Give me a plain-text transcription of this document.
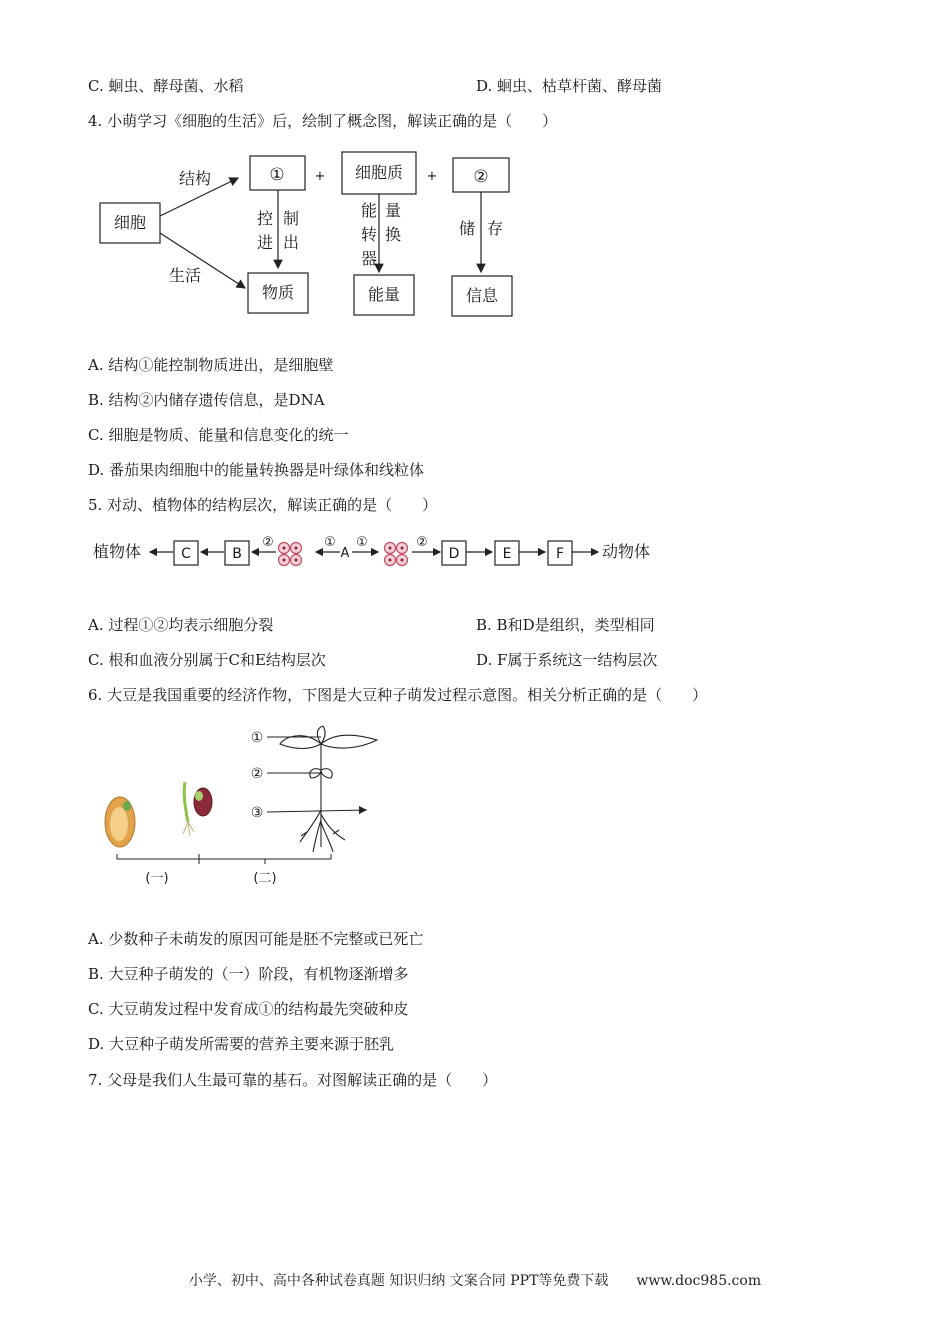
C. 蛔虫、酵母菌、水稻	D. 蛔虫、枯草杆菌、酵母菌
4. 小萌学习《细胞的生活》后，绘制了概念图，解读正确的是（　　）
细胞
结构
生活
① + 细胞质 + ②
控 制
进 出
能 量
转 换
器
储 存
物质	能量	信息
A. 结构①能控制物质进出，是细胞壁
B. 结构②内储存遗传信息，是DNA
C. 细胞是物质、能量和信息变化的统一
D. 番茄果肉细胞中的能量转换器是叶绿体和线粒体
5. 对动、植物体的结构层次，解读正确的是（　　）
植物体	C	B
②	①
A
①	②
D	E	F 动物体
A. 过程①②均表示细胞分裂	B. B和D是组织，类型相同
C. 根和血液分别属于C和E结构层次	D. F属于系统这一结构层次
6. 大豆是我国重要的经济作物，下图是大豆种子萌发过程示意图。相关分析正确的是（　　）
①
②
③
(一)	(二)
A. 少数种子未萌发的原因可能是胚不完整或已死亡
B. 大豆种子萌发的（一）阶段，有机物逐渐增多
C. 大豆萌发过程中发育成①的结构最先突破种皮
D. 大豆种子萌发所需要的营养主要来源于胚乳
7. 父母是我们人生最可靠的基石。对图解读正确的是（　　）
小学、初中、高中各种试卷真题 知识归纳 文案合同 PPT等免费下载　　www.doc985.com
